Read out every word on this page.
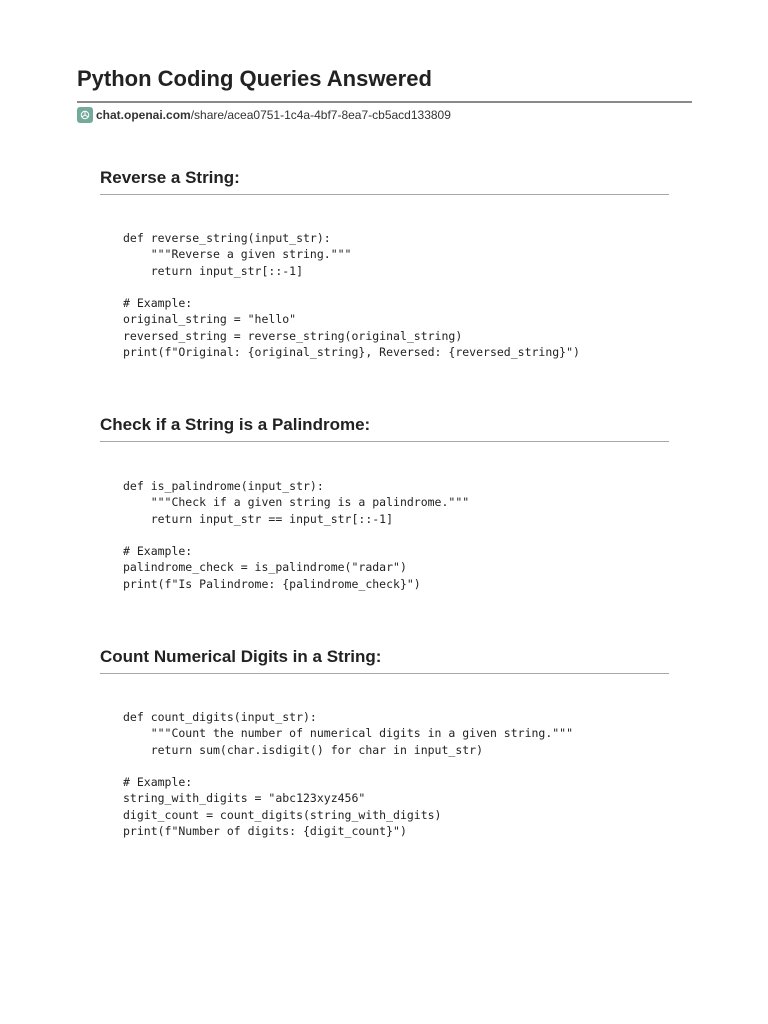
Python Coding Queries Answered
chat.openai.com /share/acea0751-1c4a-4bf7-8ea7-cb5acd133809
Reverse a String:
def reverse_string(input_str):
"""Reverse a given string."""
return input_str[::-1]
# Example:
original_string = "hello"
reversed_string = reverse_string(original_string)
print(f"Original: {original_string}, Reversed: {reversed_string}")
Check if a String is a Palindrome:
def is_palindrome(input_str):
"""Check if a given string is a palindrome."""
return input_str == input_str[::-1]
# Example:
palindrome_check = is_palindrome("radar")
print(f"Is Palindrome: {palindrome_check}")
Count Numerical Digits in a String:
def count_digits(input_str):
"""Count the number of numerical digits in a given string."""
return sum(char.isdigit() for char in input_str)
# Example:
string_with_digits = "abc123xyz456"
digit_count = count_digits(string_with_digits)
print(f"Number of digits: {digit_count}")
